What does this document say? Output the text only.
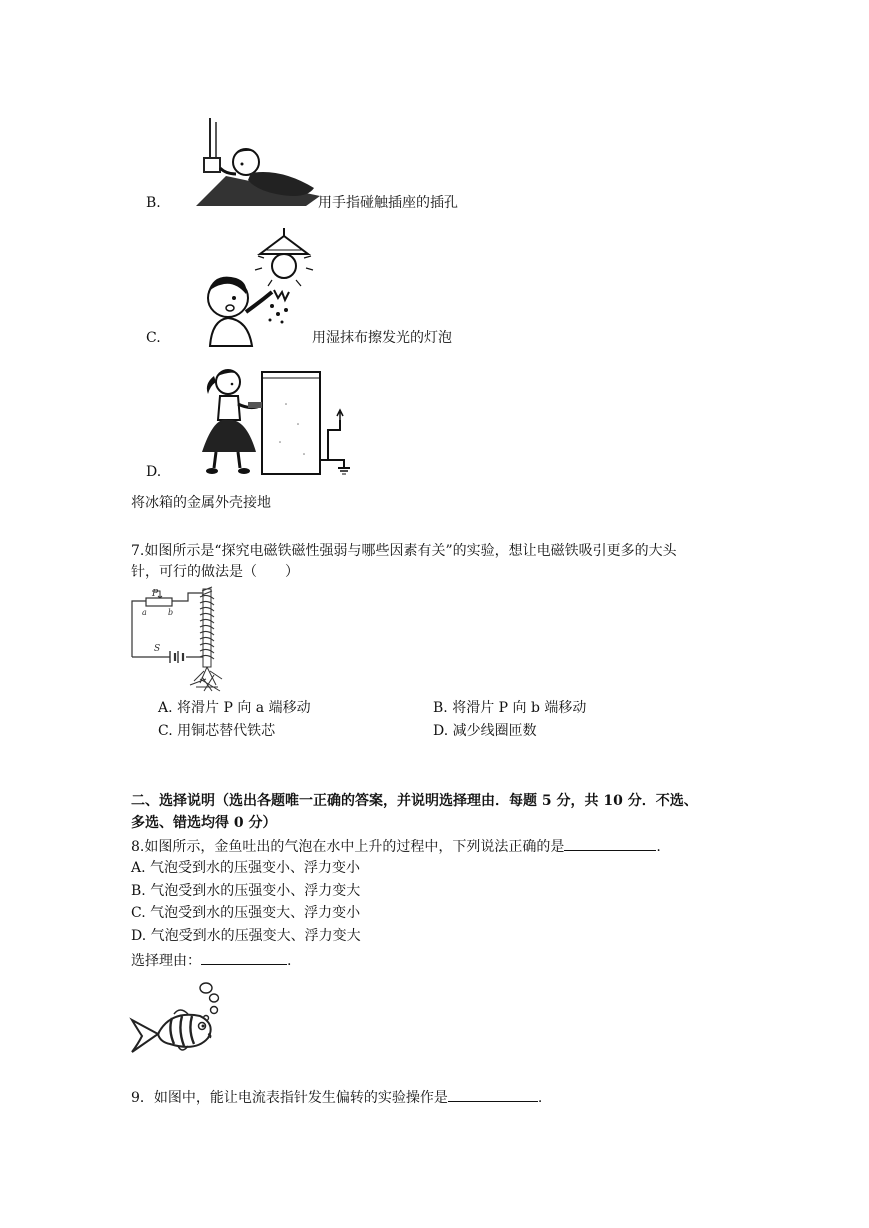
B.	用手指碰触插座的插孔
C.	用湿抹布擦发光的灯泡
D.
将冰箱的金属外壳接地
7.如图所示是“探究电磁铁磁性强弱与哪些因素有关”的实验，想让电磁铁吸引更多的大头
针，可行的做法是（　　）
P
a	b
S
A. 将滑片 P 向 a 端移动	B. 将滑片 P 向 b 端移动
C. 用铜芯替代铁芯	D. 减少线圈匝数
二、选择说明（选出各题唯一正确的答案，并说明选择理由．每题 5 分，共 10 分．不选、
多选、错选均得 0 分）
8.如图所示，金鱼吐出的气泡在水中上升的过程中，下列说法正确的是	.
A. 气泡受到水的压强变小、浮力变小
B. 气泡受到水的压强变小、浮力变大
C. 气泡受到水的压强变大、浮力变小
D. 气泡受到水的压强变大、浮力变大
选择理由：	.
9．如图中，能让电流表指针发生偏转的实验操作是	.
